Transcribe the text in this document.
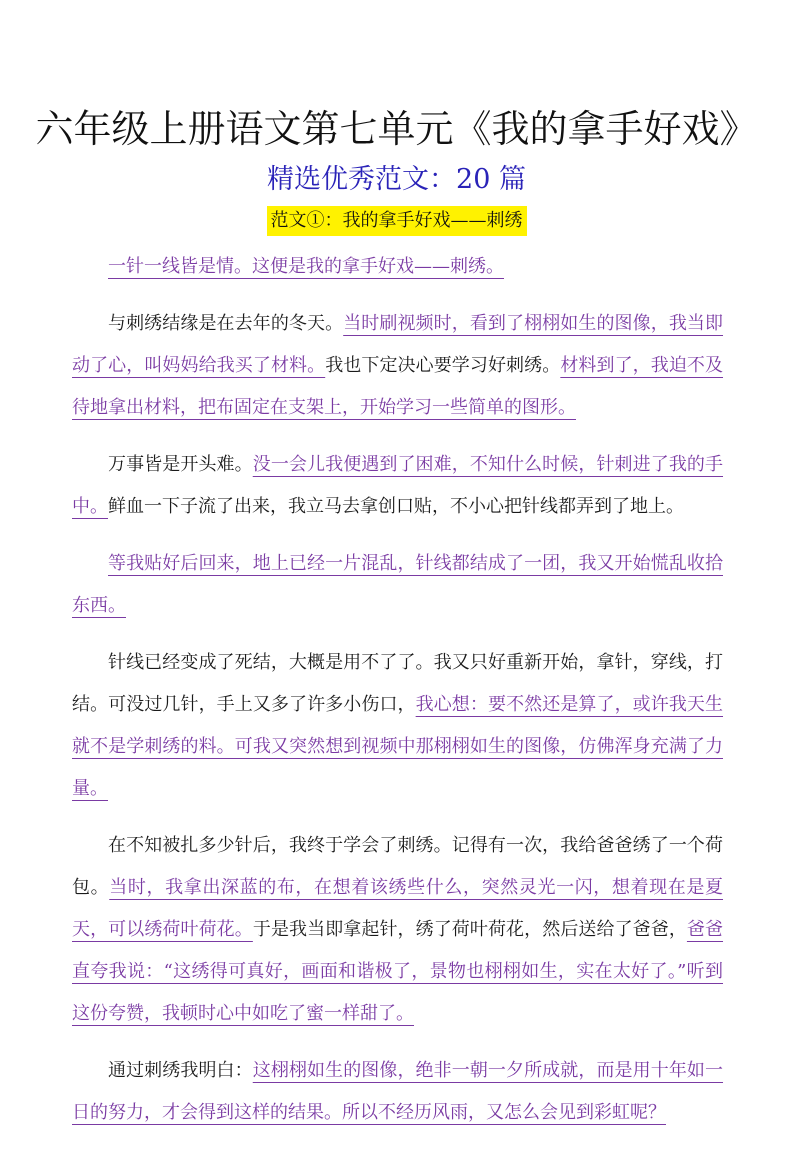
六年级上册语文第七单元《我的拿手好戏》
精选优秀范文：20 篇
范文①：我的拿手好戏——刺绣

一针一线皆是情。这便是我的拿手好戏——刺绣。

与刺绣结缘是在去年的冬天。当时刷视频时，看到了栩栩如生的图像，我当即动了心，叫妈妈给我买了材料。我也下定决心要学习好刺绣。材料到了，我迫不及待地拿出材料，把布固定在支架上，开始学习一些简单的图形。

万事皆是开头难。没一会儿我便遇到了困难，不知什么时候，针刺进了我的手中。鲜血一下子流了出来，我立马去拿创口贴，不小心把针线都弄到了地上。

等我贴好后回来，地上已经一片混乱，针线都结成了一团，我又开始慌乱收拾东西。

针线已经变成了死结，大概是用不了了。我又只好重新开始，拿针，穿线，打结。可没过几针，手上又多了许多小伤口，我心想：要不然还是算了，或许我天生就不是学刺绣的料。可我又突然想到视频中那栩栩如生的图像，仿佛浑身充满了力量。

在不知被扎多少针后，我终于学会了刺绣。记得有一次，我给爸爸绣了一个荷包。当时，我拿出深蓝的布，在想着该绣些什么，突然灵光一闪，想着现在是夏天，可以绣荷叶荷花。于是我当即拿起针，绣了荷叶荷花，然后送给了爸爸，爸爸直夸我说：“这绣得可真好，画面和谐极了，景物也栩栩如生，实在太好了。”听到这份夸赞，我顿时心中如吃了蜜一样甜了。

通过刺绣我明白：这栩栩如生的图像，绝非一朝一夕所成就，而是用十年如一日的努力，才会得到这样的结果。所以不经历风雨，又怎么会见到彩虹呢？
